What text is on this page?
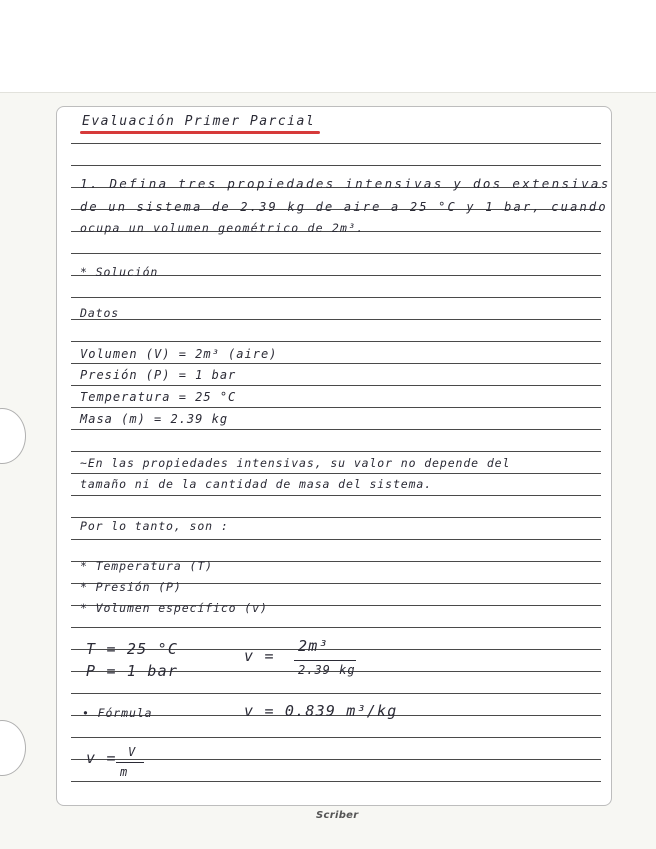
Evaluación Primer Parcial
1. Defina tres propiedades intensivas y dos extensivas
de un sistema de 2.39 kg de aire a 25 °C y 1 bar, cuando
ocupa un volumen geométrico de 2m³.
* Solución
Datos
Volumen (V) = 2m³ (aire)
Presión (P) = 1 bar
Temperatura = 25 °C
Masa (m) = 2.39 kg
~En las propiedades intensivas, su valor no depende del
tamaño ni de la cantidad de masa del sistema.
Por lo tanto, son :
* Temperatura (T)
* Presión (P)
* Volumen específico (v)
T = 25 °C
P = 1 bar
v =
2m³
2.39 kg
• Fórmula	v = 0.839 m³/kg
v = V
m
Scriber
